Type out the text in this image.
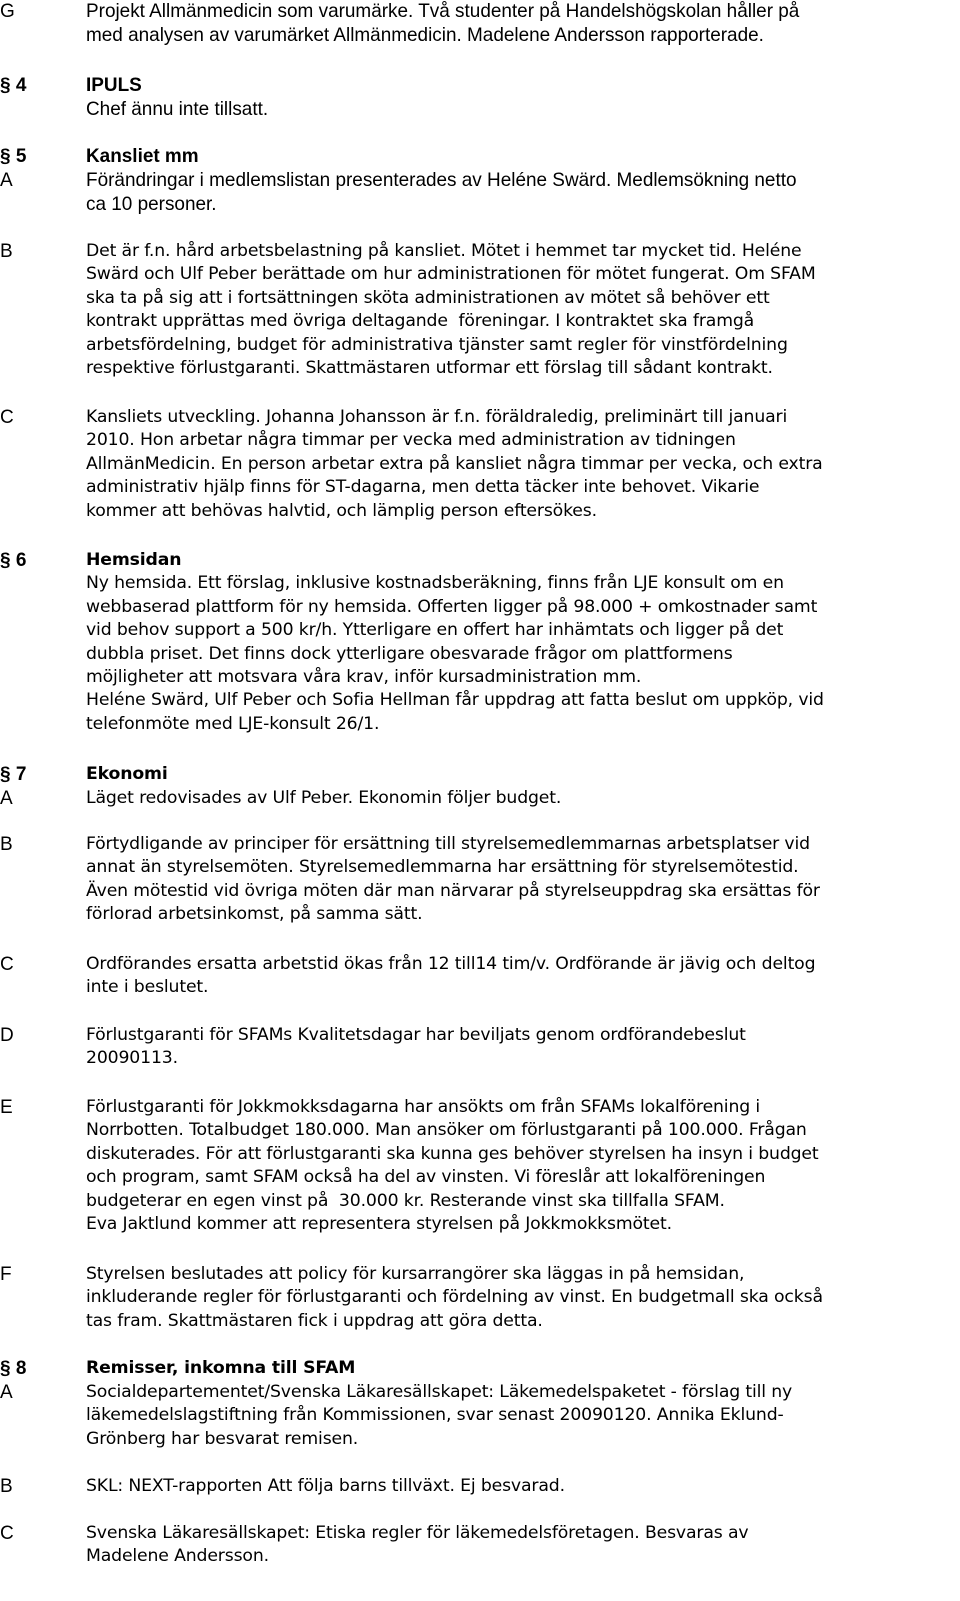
G	Projekt Allmänmedicin som varumärke. Två studenter på Handelshögskolan håller på

med analysen av varumärket Allmänmedicin. Madelene Andersson rapporterade.

§ 4	IPULS

Chef ännu inte tillsatt.

§ 5	Kansliet mm

A	Förändringar i medlemslistan presenterades av Heléne Swärd. Medlemsökning netto

ca 10 personer.

B	Det är f.n. hård arbetsbelastning på kansliet. Mötet i hemmet tar mycket tid. Heléne

Swärd och Ulf Peber berättade om hur administrationen för mötet fungerat. Om SFAM

ska ta på sig att i fortsättningen sköta administrationen av mötet så behöver ett

kontrakt upprättas med övriga deltagande  föreningar. I kontraktet ska framgå

arbetsfördelning, budget för administrativa tjänster samt regler för vinstfördelning

respektive förlustgaranti. Skattmästaren utformar ett förslag till sådant kontrakt.

C	Kansliets utveckling. Johanna Johansson är f.n. föräldraledig, preliminärt till januari

2010. Hon arbetar några timmar per vecka med administration av tidningen

AllmänMedicin. En person arbetar extra på kansliet några timmar per vecka, och extra

administrativ hjälp finns för ST-dagarna, men detta täcker inte behovet. Vikarie

kommer att behövas halvtid, och lämplig person eftersökes.

§ 6	Hemsidan

Ny hemsida. Ett förslag, inklusive kostnadsberäkning, finns från LJE konsult om en

webbaserad plattform för ny hemsida. Offerten ligger på 98.000 + omkostnader samt

vid behov support a 500 kr/h. Ytterligare en offert har inhämtats och ligger på det

dubbla priset. Det finns dock ytterligare obesvarade frågor om plattformens

möjligheter att motsvara våra krav, inför kursadministration mm.

Heléne Swärd, Ulf Peber och Sofia Hellman får uppdrag att fatta beslut om uppköp, vid

telefonmöte med LJE-konsult 26/1.

§ 7	Ekonomi

A	Läget redovisades av Ulf Peber. Ekonomin följer budget.

B	Förtydligande av principer för ersättning till styrelsemedlemmarnas arbetsplatser vid

annat än styrelsemöten. Styrelsemedlemmarna har ersättning för styrelsemötestid.

Även mötestid vid övriga möten där man närvarar på styrelseuppdrag ska ersättas för

förlorad arbetsinkomst, på samma sätt.

C	Ordförandes ersatta arbetstid ökas från 12 till14 tim/v. Ordförande är jävig och deltog

inte i beslutet.

D	Förlustgaranti för SFAMs Kvalitetsdagar har beviljats genom ordförandebeslut

20090113.

E	Förlustgaranti för Jokkmokksdagarna har ansökts om från SFAMs lokalförening i

Norrbotten. Totalbudget 180.000. Man ansöker om förlustgaranti på 100.000. Frågan

diskuterades. För att förlustgaranti ska kunna ges behöver styrelsen ha insyn i budget

och program, samt SFAM också ha del av vinsten. Vi föreslår att lokalföreningen

budgeterar en egen vinst på  30.000 kr. Resterande vinst ska tillfalla SFAM.

Eva Jaktlund kommer att representera styrelsen på Jokkmokksmötet.

F	Styrelsen beslutades att policy för kursarrangörer ska läggas in på hemsidan,

inkluderande regler för förlustgaranti och fördelning av vinst. En budgetmall ska också

tas fram. Skattmästaren fick i uppdrag att göra detta.

§ 8	Remisser, inkomna till SFAM

A	Socialdepartementet/Svenska Läkaresällskapet: Läkemedelspaketet - förslag till ny

läkemedelslagstiftning från Kommissionen, svar senast 20090120. Annika Eklund-

Grönberg har besvarat remisen.

B	SKL: NEXT-rapporten Att följa barns tillväxt. Ej besvarad.

C	Svenska Läkaresällskapet: Etiska regler för läkemedelsföretagen. Besvaras av

Madelene Andersson.
